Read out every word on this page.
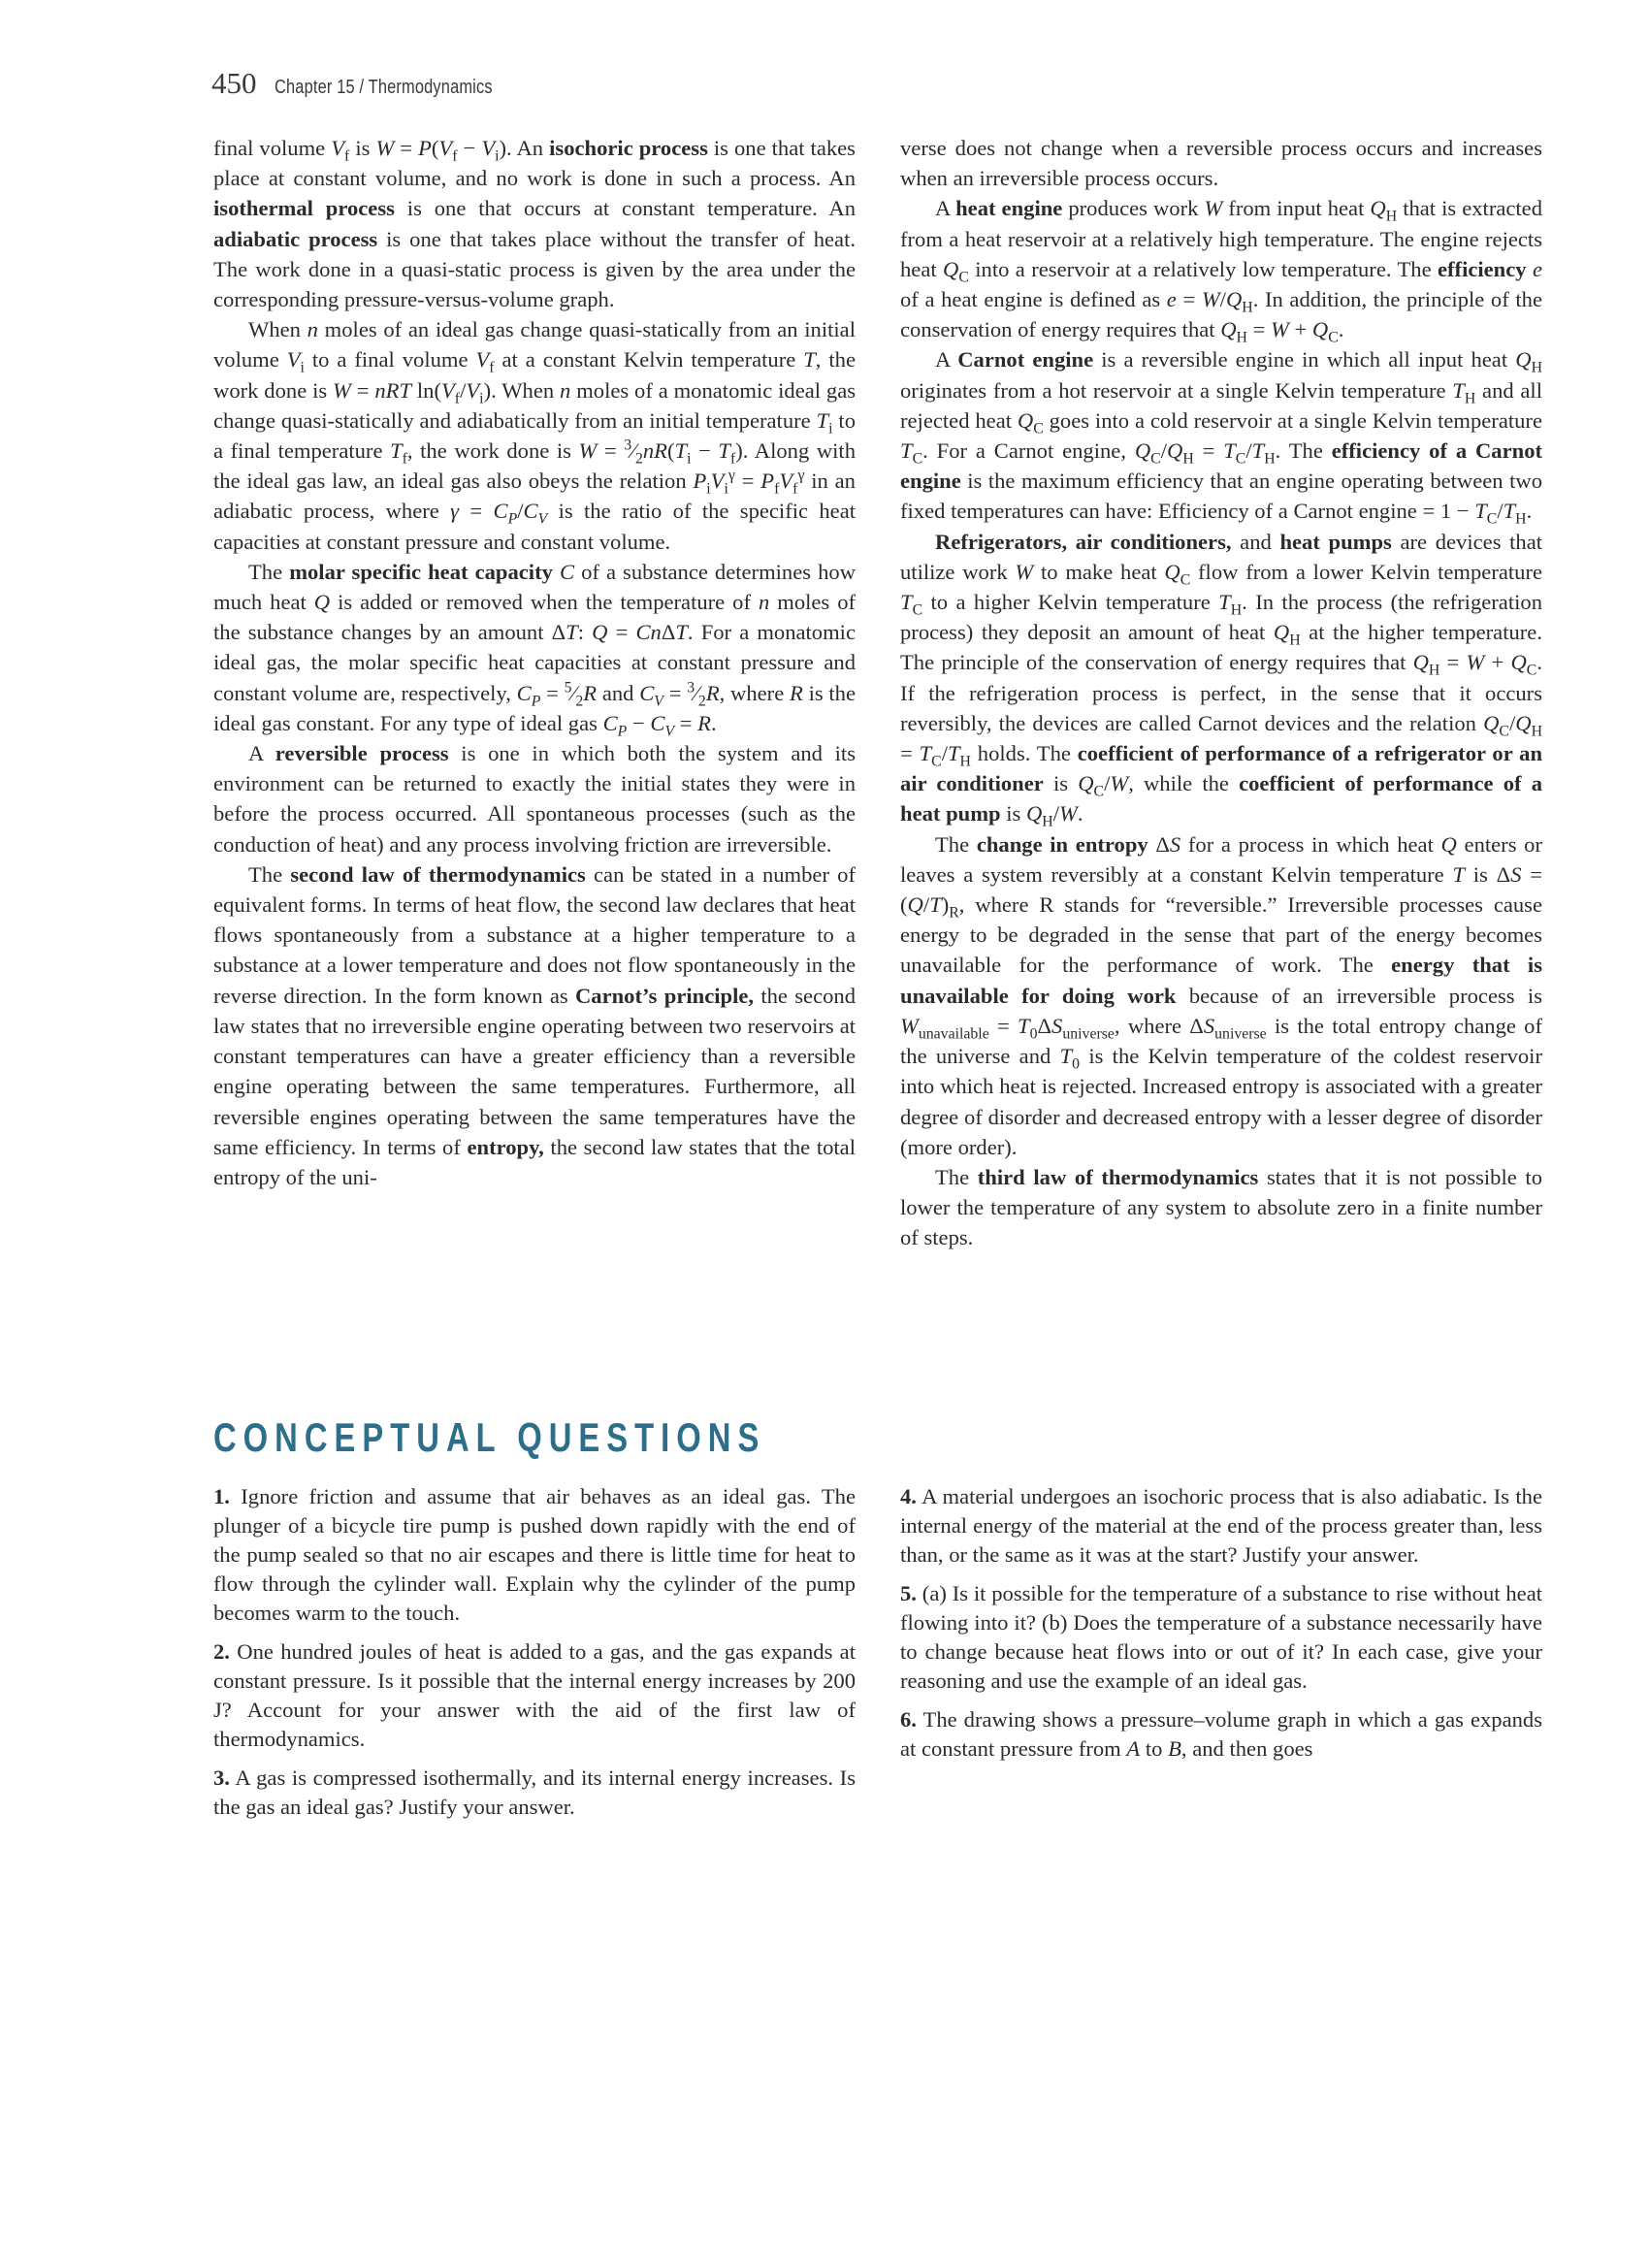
450 Chapter 15 / Thermodynamics

final volume $V_f$ is $W = P(V_f - V_i)$. An isochoric process is one that takes place at constant volume, and no work is done in such a process. An isothermal process is one that occurs at constant temperature. An adiabatic process is one that takes place without the transfer of heat. The work done in a quasi-static process is given by the area under the corresponding pressure-versus-volume graph.

When n moles of an ideal gas change quasi-statically from an initial volume $V_i$ to a final volume $V_f$ at a constant Kelvin temperature T, the work done is W = nRT $\ln(V_f/V_i)$. When n moles of a monatomic ideal gas change quasi-statically and adiabatically from an initial temperature $T_i$ to a final temperature $T_f$, the work done is $W = ^3⁄_2nR(T_i - T_f)$. Along with the ideal gas law, an ideal gas also obeys the relation $P_iV_i^\gamma = P_fV_f^\gamma$ in an adiabatic process, where $\gamma = C_P/C_V$ is the ratio of the specific heat capacities at constant pressure and constant volume.

The molar specific heat capacity C of a substance determines how much heat Q is added or removed when the temperature of n moles of the substance changes by an amount ΔT: Q = CnΔT. For a monatomic ideal gas, the molar specific heat capacities at constant pressure and constant volume are, respectively, $C_P$ = $^5⁄_2R$ and $C_V$ = $^3⁄_2R$, where R is the ideal gas constant. For any type of ideal gas $C_P - C_V = R$.

A reversible process is one in which both the system and its environment can be returned to exactly the initial states they were in before the process occurred. All spontaneous processes (such as the conduction of heat) and any process involving friction are irreversible.

The second law of thermodynamics can be stated in a number of equivalent forms. In terms of heat flow, the second law declares that heat flows spontaneously from a substance at a higher temperature to a substance at a lower temperature and does not flow spontaneously in the reverse direction. In the form known as Carnot’s principle, the second law states that no irreversible engine operating between two reservoirs at constant temperatures can have a greater efficiency than a reversible engine operating between the same temperatures. Furthermore, all reversible engines operating between the same temperatures have the same efficiency. In terms of entropy, the second law states that the total entropy of the uni-

verse does not change when a reversible process occurs and increases when an irreversible process occurs.

A heat engine produces work W from input heat $Q_H$ that is extracted from a heat reservoir at a relatively high temperature. The engine rejects heat $Q_C$ into a reservoir at a relatively low temperature. The efficiency e of a heat engine is defined as $e = W/Q_H$. In addition, the principle of the conservation of energy requires that $Q_H = W + Q_C$.

A Carnot engine is a reversible engine in which all input heat $Q_H$ originates from a hot reservoir at a single Kelvin temperature $T_H$ and all rejected heat $Q_C$ goes into a cold reservoir at a single Kelvin temperature $T_C$. For a Carnot engine, $Q_C/Q_H = T_C/T_H$. The efficiency of a Carnot engine is the maximum efficiency that an engine operating between two fixed temperatures can have: Efficiency of a Carnot engine = $1 - T_C/T_H$.

Refrigerators, air conditioners, and heat pumps are devices that utilize work W to make heat $Q_C$ flow from a lower Kelvin temperature $T_C$ to a higher Kelvin temperature $T_H$. In the process (the refrigeration process) they deposit an amount of heat $Q_H$ at the higher temperature. The principle of the conservation of energy requires that $Q_H = W + Q_C$. If the refrigeration process is perfect, in the sense that it occurs reversibly, the devices are called Carnot devices and the relation $Q_C/Q_H = T_C/T_H$ holds. The coefficient of performance of a refrigerator or an air conditioner is $Q_C/W$, while the coefficient of performance of a heat pump is $Q_H/W$.

The change in entropy ΔS for a process in which heat Q enters or leaves a system reversibly at a constant Kelvin temperature T is $\Delta S = (Q/T)_R$, where R stands for “reversible.” Irreversible processes cause energy to be degraded in the sense that part of the energy becomes unavailable for the performance of work. The energy that is unavailable for doing work because of an irreversible process is $W_{unavailable} = T_0\Delta S_{universe}$, where $\Delta S_{universe}$ is the total entropy change of the universe and $T_0$ is the Kelvin temperature of the coldest reservoir into which heat is rejected. Increased entropy is associated with a greater degree of disorder and decreased entropy with a lesser degree of disorder (more order).

The third law of thermodynamics states that it is not possible to lower the temperature of any system to absolute zero in a finite number of steps.

CONCEPTUAL QUESTIONS

1. Ignore friction and assume that air behaves as an ideal gas. The plunger of a bicycle tire pump is pushed down rapidly with the end of the pump sealed so that no air escapes and there is little time for heat to flow through the cylinder wall. Explain why the cylinder of the pump becomes warm to the touch.

2. One hundred joules of heat is added to a gas, and the gas expands at constant pressure. Is it possible that the internal energy increases by 200 J? Account for your answer with the aid of the first law of thermodynamics.

3. A gas is compressed isothermally, and its internal energy increases. Is the gas an ideal gas? Justify your answer.

4. A material undergoes an isochoric process that is also adiabatic. Is the internal energy of the material at the end of the process greater than, less than, or the same as it was at the start? Justify your answer.

5. (a) Is it possible for the temperature of a substance to rise without heat flowing into it? (b) Does the temperature of a substance necessarily have to change because heat flows into or out of it? In each case, give your reasoning and use the example of an ideal gas.

6. The drawing shows a pressure–volume graph in which a gas expands at constant pressure from A to B, and then goes
